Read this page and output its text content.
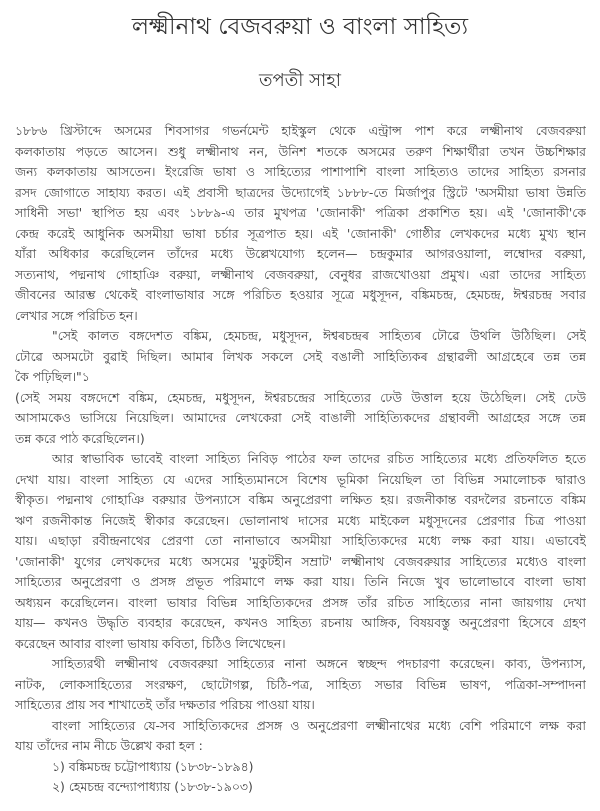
লক্ষ্মীনাথ বেজবরুয়া ও বাংলা সাহিত্য
তপতী সাহা
১৮৮৬ খ্রিস্টাব্দে অসমের শিবসাগর গভর্নমেন্ট হাইস্কুল থেকে এন্ট্রান্স পাশ করে লক্ষ্মীনাথ বেজবরুয়া
কলকাতায় পড়তে আসেন। শুধু লক্ষ্মীনাথ নন, উনিশ শতকে অসমের তরুণ শিক্ষার্থীরা তখন উচ্চশিক্ষার
জন্য কলকাতায় আসতেন। ইংরেজি ভাষা ও সাহিত্যের পাশাপাশি বাংলা সাহিত্যও তাদের সাহিত্য রসনার
রসদ জোগাতে সাহায্য করত। এই প্রবাসী ছাত্রদের উদ্যোগেই ১৮৮৮-তে মির্জাপুর স্ট্রিটে 'অসমীয়া ভাষা উন্নতি
সাধিনী সভা' স্থাপিত হয় এবং ১৮৮৯-এ তার মুখপত্র 'জোনাকী' পত্রিকা প্রকাশিত হয়। এই 'জোনাকী'কে
কেন্দ্র করেই আধুনিক অসমীয়া ভাষা চর্চার সূত্রপাত হয়। এই 'জোনাকী' গোষ্ঠীর লেখকদের মধ্যে মুখ্য স্থান
যাঁরা অধিকার করেছিলেন তাঁদের মধ্যে উল্লেখযোগ্য হলেন— চন্দ্রকুমার আগরওয়ালা, লম্বোদর বরুয়া,
সত্যনাথ, পদ্মনাথ গোহাঞি বরুয়া, লক্ষ্মীনাথ বেজবরুয়া, বেনুধর রাজখোওয়া প্রমুখ। এরা তাদের সাহিত্য
জীবনের আরম্ভ থেকেই বাংলাভাষার সঙ্গে পরিচিত হওয়ার সূত্রে মধুসূদন, বঙ্কিমচন্দ্র, হেমচন্দ্র, ঈশ্বরচন্দ্র সবার
লেখার সঙ্গে পরিচিত হন।
"সেই কালত বঙ্গদেশত বঙ্কিম, হেমচন্দ্ৰ, মধুসূদন, ঈশ্বৰচন্দ্ৰৰ সাহিত্যৰ ঢৌৱে উথলি উঠিছিল। সেই
ঢৌৱে অসমটো বুৱাই দিছিল। আমাৰ লিখক সকলে সেই বঙালী সাহিত্যিকৰ গ্ৰন্থাৱলী আগ্ৰহেৰে তন্ন তন্ন
কৈ পঢ়িছিল।"১
(সেই সময় বঙ্গদেশে বঙ্কিম, হেমচন্দ্র, মধুসূদন, ঈশ্বরচন্দ্রের সাহিত্যের ঢেউ উত্তাল হয়ে উঠেছিল। সেই ঢেউ
আসামকেও ভাসিয়ে নিয়েছিল। আমাদের লেখকেরা সেই বাঙালী সাহিত্যিকদের গ্রন্থাবলী আগ্রহের সঙ্গে তন্ন
তন্ন করে পাঠ করেছিলেন।)
আর স্বাভাবিক ভাবেই বাংলা সাহিত্য নিবিড় পাঠের ফল তাদের রচিত সাহিত্যের মধ্যে প্রতিফলিত হতে
দেখা যায়। বাংলা সাহিত্য যে এদের সাহিত্যমানসে বিশেষ ভূমিকা নিয়েছিল তা বিভিন্ন সমালোচক দ্বারাও
স্বীকৃত। পদ্মনাথ গোহাঞি বরুয়ার উপন্যাসে বঙ্কিম অনুপ্রেরণা লক্ষিত হয়। রজনীকান্ত বরদলৈর রচনাতে বঙ্কিম
ঋণ রজনীকান্ত নিজেই স্বীকার করেছেন। ভোলানাথ দাসের মধ্যে মাইকেল মধুসূদনের প্রেরণার চিত্র পাওয়া
যায়। এছাড়া রবীন্দ্রনাথের প্রেরণা তো নানাভাবে অসমীয়া সাহিত্যিকদের মধ্যে লক্ষ করা যায়। এভাবেই
'জোনাকী' যুগের লেখকদের মধ্যে অসমের 'মুকুটহীন সম্রাট' লক্ষ্মীনাথ বেজবরুয়ার সাহিত্যের মধ্যেও বাংলা
সাহিত্যের অনুপ্রেরণা ও প্রসঙ্গ প্রভূত পরিমাণে লক্ষ করা যায়। তিনি নিজে খুব ভালোভাবে বাংলা ভাষা
অধ্যয়ন করেছিলেন। বাংলা ভাষার বিভিন্ন সাহিত্যিকদের প্রসঙ্গ তাঁর রচিত সাহিত্যের নানা জায়গায় দেখা
যায়— কখনও উদ্ধৃতি ব্যবহার করেছেন, কখনও সাহিত্য রচনায় আঙ্গিক, বিষয়বস্তু অনুপ্রেরণা হিসেবে গ্রহণ
করেছেন আবার বাংলা ভাষায় কবিতা, চিঠিও লিখেছেন।
সাহিত্যরথী লক্ষ্মীনাথ বেজবরুয়া সাহিত্যের নানা অঙ্গনে স্বচ্ছন্দ পদচারণা করেছেন। কাব্য, উপন্যাস,
নাটক, লোকসাহিত্যের সংরক্ষণ, ছোটোগল্প, চিঠি-পত্র, সাহিত্য সভার বিভিন্ন ভাষণ, পত্রিকা-সম্পাদনা
সাহিত্যের প্রায় সব শাখাতেই তাঁর দক্ষতার পরিচয় পাওয়া যায়।
বাংলা সাহিত্যের যে-সব সাহিত্যিকদের প্রসঙ্গ ও অনুপ্রেরণা লক্ষ্মীনাথের মধ্যে বেশি পরিমাণে লক্ষ করা
যায় তাঁদের নাম নীচে উল্লেখ করা হল :
১) বঙ্কিমচন্দ্র চট্টোপাধ্যায় (১৮৩৮-১৮৯৪)
২) হেমচন্দ্র বন্দ্যোপাধ্যায় (১৮৩৮-১৯০৩)
